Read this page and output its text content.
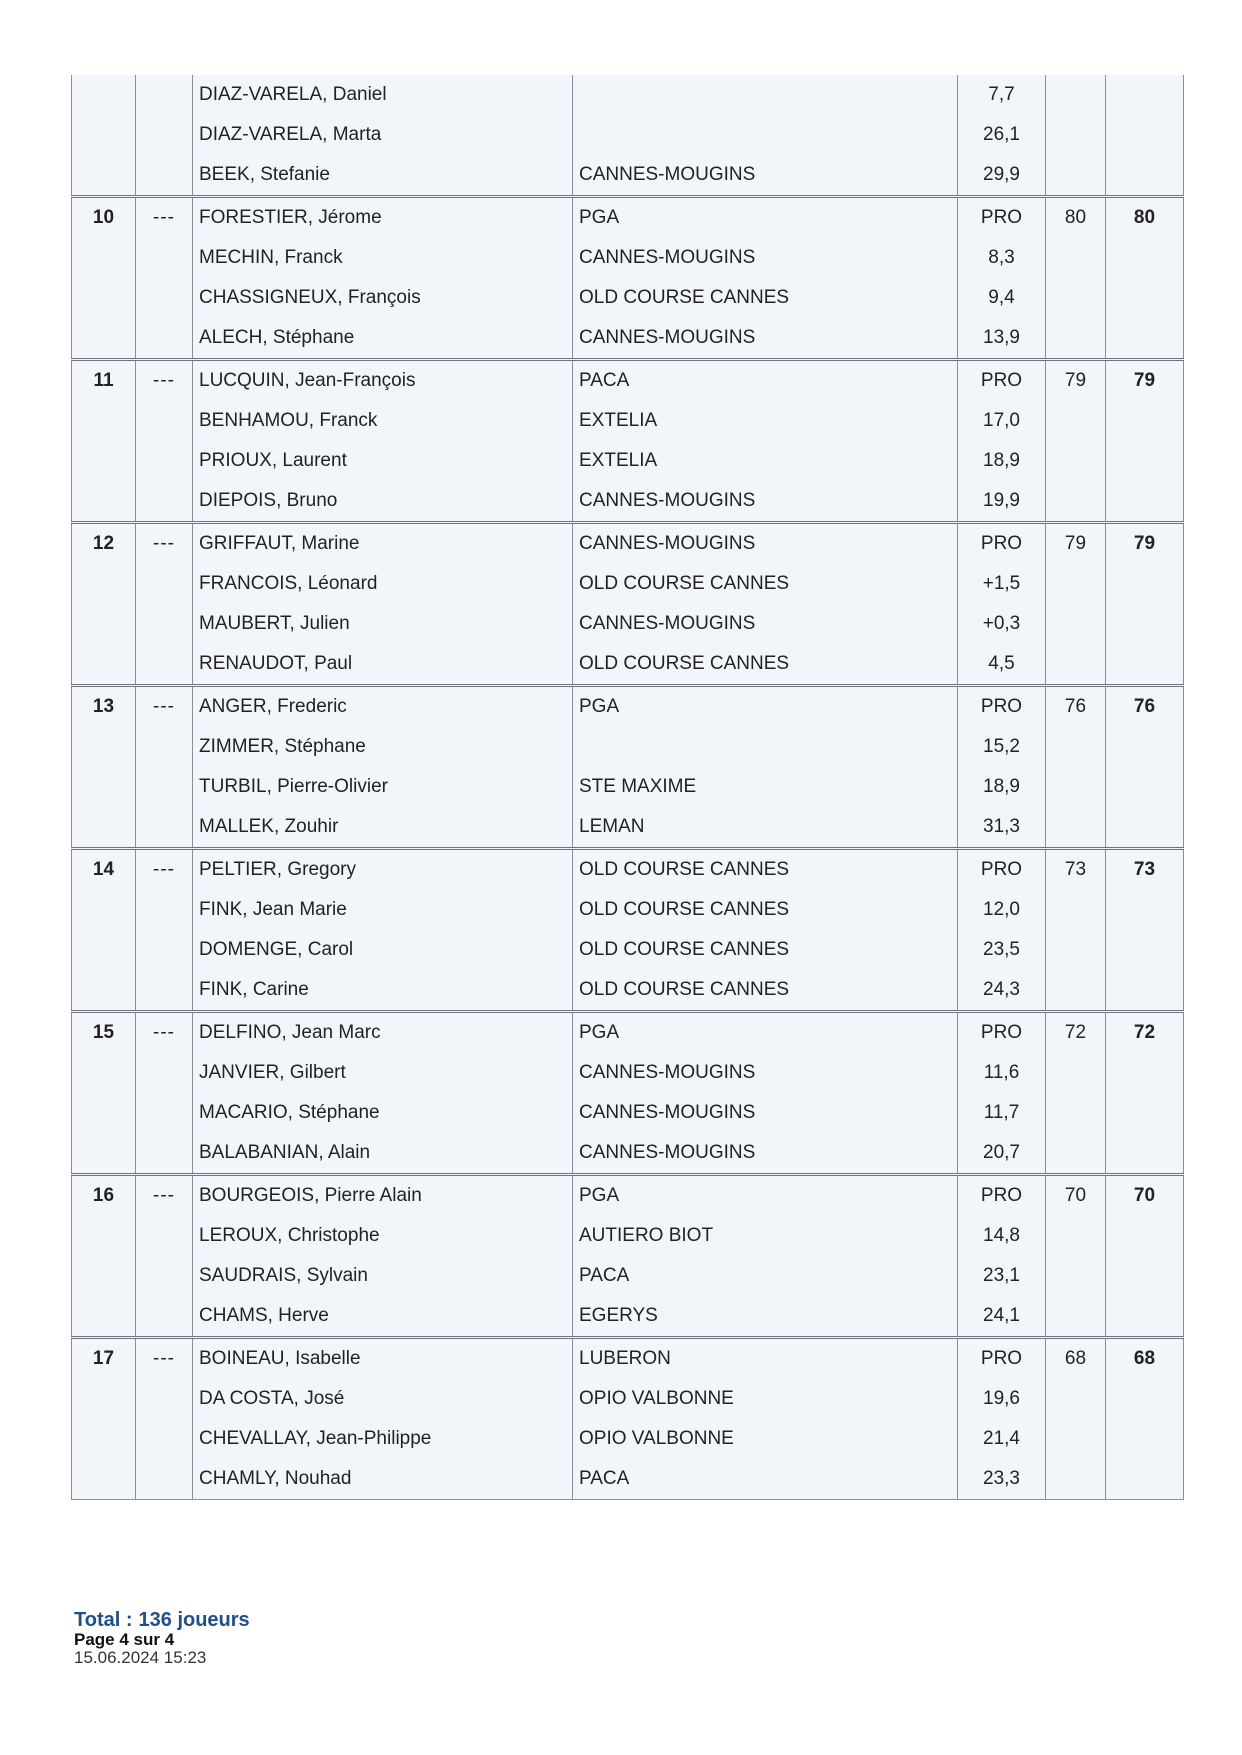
		DIAZ-VARELA, Daniel		7,7		
		DIAZ-VARELA, Marta		26,1		
		BEEK, Stefanie	CANNES-MOUGINS	29,9		
10	---	FORESTIER, Jérome	PGA	PRO	80	80
		MECHIN, Franck	CANNES-MOUGINS	8,3		
		CHASSIGNEUX, François	OLD COURSE CANNES	9,4		
		ALECH, Stéphane	CANNES-MOUGINS	13,9		
11	---	LUCQUIN, Jean-François	PACA	PRO	79	79
		BENHAMOU, Franck	EXTELIA	17,0		
		PRIOUX, Laurent	EXTELIA	18,9		
		DIEPOIS, Bruno	CANNES-MOUGINS	19,9		
12	---	GRIFFAUT, Marine	CANNES-MOUGINS	PRO	79	79
		FRANCOIS, Léonard	OLD COURSE CANNES	+1,5		
		MAUBERT, Julien	CANNES-MOUGINS	+0,3		
		RENAUDOT, Paul	OLD COURSE CANNES	4,5		
13	---	ANGER, Frederic	PGA	PRO	76	76
		ZIMMER, Stéphane		15,2		
		TURBIL, Pierre-Olivier	STE MAXIME	18,9		
		MALLEK, Zouhir	LEMAN	31,3		
14	---	PELTIER, Gregory	OLD COURSE CANNES	PRO	73	73
		FINK, Jean Marie	OLD COURSE CANNES	12,0		
		DOMENGE, Carol	OLD COURSE CANNES	23,5		
		FINK, Carine	OLD COURSE CANNES	24,3		
15	---	DELFINO, Jean Marc	PGA	PRO	72	72
		JANVIER, Gilbert	CANNES-MOUGINS	11,6		
		MACARIO, Stéphane	CANNES-MOUGINS	11,7		
		BALABANIAN, Alain	CANNES-MOUGINS	20,7		
16	---	BOURGEOIS, Pierre Alain	PGA	PRO	70	70
		LEROUX, Christophe	AUTIERO BIOT	14,8		
		SAUDRAIS, Sylvain	PACA	23,1		
		CHAMS, Herve	EGERYS	24,1		
17	---	BOINEAU, Isabelle	LUBERON	PRO	68	68
		DA COSTA, José	OPIO VALBONNE	19,6		
		CHEVALLAY, Jean-Philippe	OPIO VALBONNE	21,4		
		CHAMLY, Nouhad	PACA	23,3		
Total : 136 joueurs
Page 4 sur 4
15.06.2024 15:23
